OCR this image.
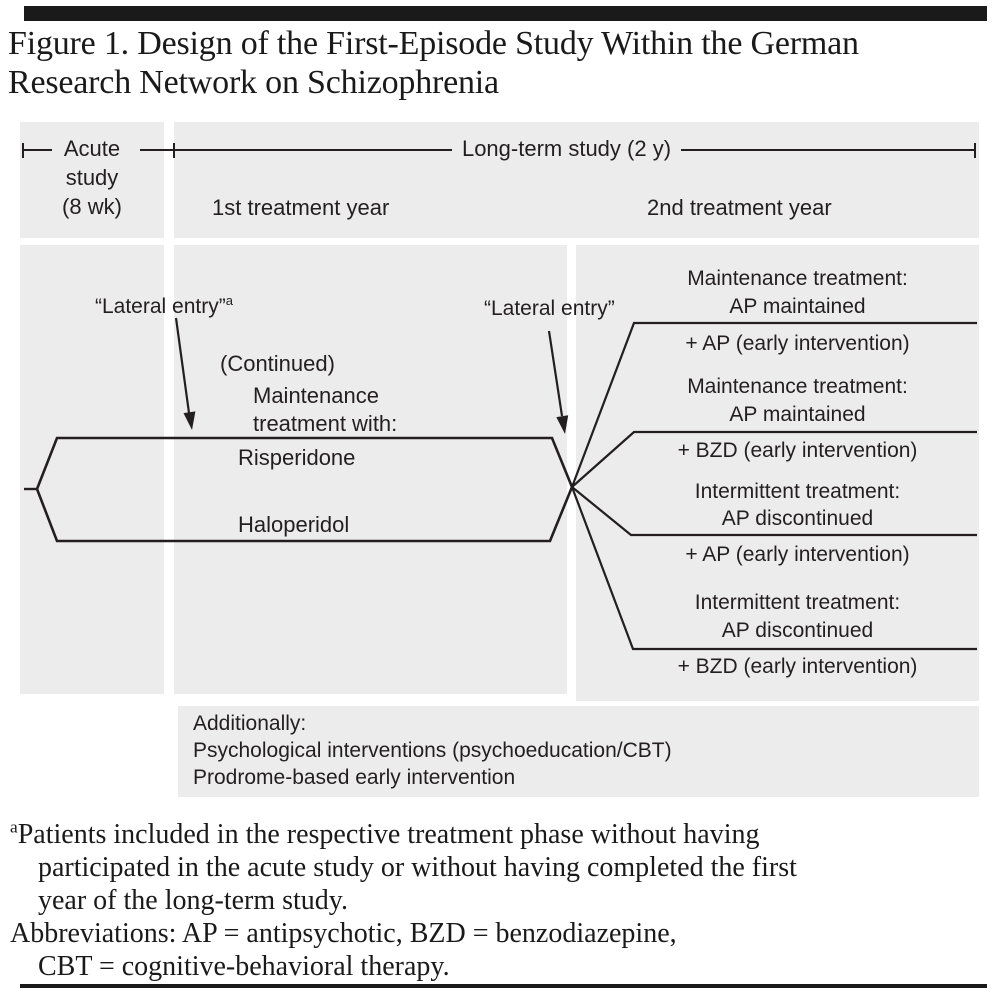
Figure 1. Design of the First-Episode Study Within the German
Research Network on Schizophrenia
Acute
study
(8 wk)
Long-term study (2 y)
1st treatment year	2nd treatment year
“Lateral entry”$^a$	“Lateral entry”
(Continued)
Maintenance
treatment with:
Risperidone
Haloperidol
Maintenance treatment:
AP maintained
+ AP (early intervention)
Maintenance treatment:
AP maintained
+ BZD (early intervention)
Intermittent treatment:
AP discontinued
+ AP (early intervention)
Intermittent treatment:
AP discontinued
+ BZD (early intervention)
Additionally:
Psychological interventions (psychoeducation/CBT)
Prodrome-based early intervention
$^a$Patients included in the respective treatment phase without having
participated in the acute study or without having completed the first
year of the long-term study.
Abbreviations: AP = antipsychotic, BZD = benzodiazepine,
CBT = cognitive-behavioral therapy.
